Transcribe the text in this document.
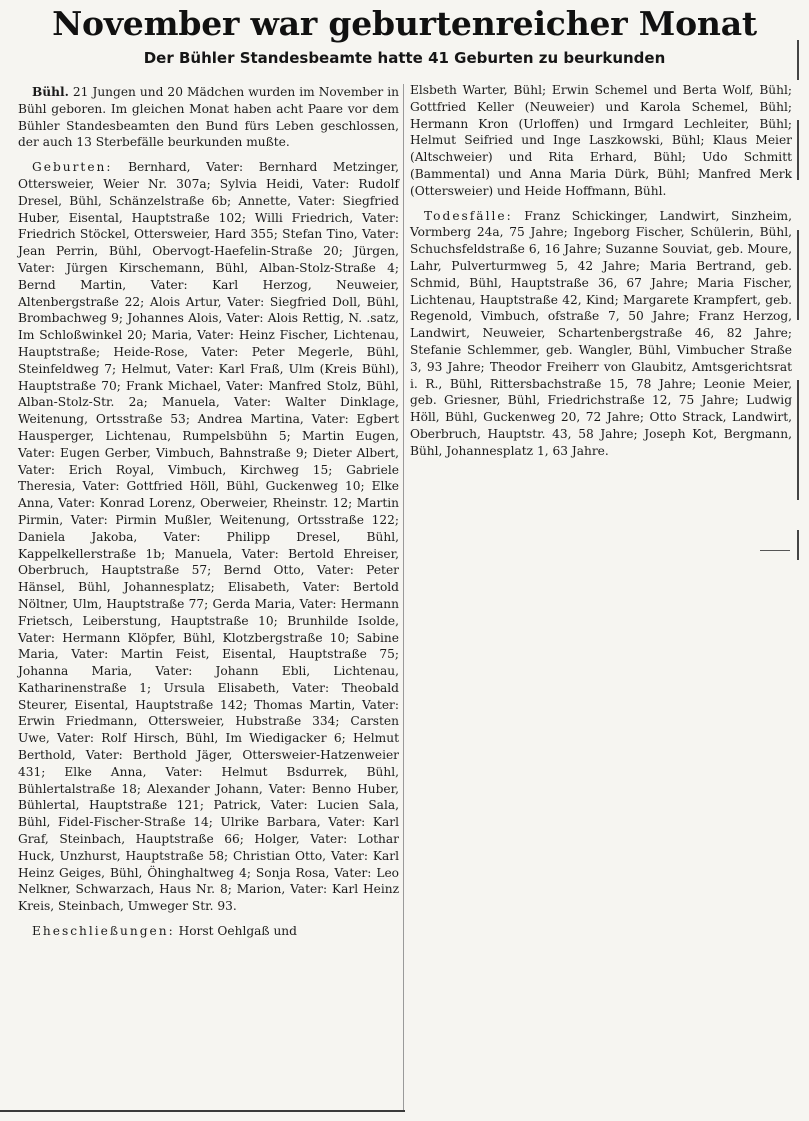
November war geburtenreicher Monat
Der Bühler Standesbeamte hatte 41 Geburten zu beurkunden

Bühl. 21 Jungen und 20 Mädchen wurden im November in Bühl geboren. Im gleichen Monat haben acht Paare vor dem Bühler Standesbeamten den Bund fürs Leben geschlossen, der auch 13 Sterbefälle beurkunden mußte.

Geburten: Bernhard, Vater: Bernhard Metzinger, Ottersweier, Weier Nr. 307a; Sylvia Heidi, Vater: Rudolf Dresel, Bühl, Schänzelstraße 6b; Annette, Vater: Siegfried Huber, Eisental, Hauptstraße 102; Willi Friedrich, Vater: Friedrich Stöckel, Ottersweier, Hard 355; Stefan Tino, Vater: Jean Perrin, Bühl, Obervogt-Haefelin-Straße 20; Jürgen, Vater: Jürgen Kirschemann, Bühl, Alban-Stolz-Straße 4; Bernd Martin, Vater: Karl Herzog, Neuweier, Altenbergstraße 22; Alois Artur, Vater: Siegfried Doll, Bühl, Brombachweg 9; Johannes Alois, Vater: Alois Rettig, N. .satz, Im Schloßwinkel 20; Maria, Vater: Heinz Fischer, Lichtenau, Hauptstraße; Heide-Rose, Vater: Peter Megerle, Bühl, Steinfeldweg 7; Helmut, Vater: Karl Fraß, Ulm (Kreis Bühl), Hauptstraße 70; Frank Michael, Vater: Manfred Stolz, Bühl, Alban-Stolz-Str. 2a; Manuela, Vater: Walter Dinklage, Weitenung, Ortsstraße 53; Andrea Martina, Vater: Egbert Hausperger, Lichtenau, Rumpelsbühn 5; Martin Eugen, Vater: Eugen Gerber, Vimbuch, Bahnstraße 9; Dieter Albert, Vater: Erich Royal, Vimbuch, Kirchweg 15; Gabriele Theresia, Vater: Gottfried Höll, Bühl, Guckenweg 10; Elke Anna, Vater: Konrad Lorenz, Oberweier, Rheinstr. 12; Martin Pirmin, Vater: Pirmin Mußler, Weitenung, Ortsstraße 122; Daniela Jakoba, Vater: Philipp Dresel, Bühl, Kappelkellerstraße 1b; Manuela, Vater: Bertold Ehreiser, Oberbruch, Hauptstraße 57; Bernd Otto, Vater: Peter Hänsel, Bühl, Johannesplatz; Elisabeth, Vater: Bertold Nöltner, Ulm, Hauptstraße 77; Gerda Maria, Vater: Hermann Frietsch, Leiberstung, Hauptstraße 10; Brunhilde Isolde, Vater: Hermann Klöpfer, Bühl, Klotzbergstraße 10; Sabine Maria, Vater: Martin Feist, Eisental, Hauptstraße 75; Johanna Maria, Vater: Johann Ebli, Lichtenau, Katharinenstraße 1; Ursula Elisabeth, Vater: Theobald Steurer, Eisental, Hauptstraße 142; Thomas Martin, Vater: Erwin Friedmann, Ottersweier, Hubstraße 334; Carsten Uwe, Vater: Rolf Hirsch, Bühl, Im Wiedigacker 6; Helmut Berthold, Vater: Berthold Jäger, Ottersweier-Hatzenweier 431; Elke Anna, Vater: Helmut Bsdurrek, Bühl, Bühlertalstraße 18; Alexander Johann, Vater: Benno Huber, Bühlertal, Hauptstraße 121; Patrick, Vater: Lucien Sala, Bühl, Fidel-Fischer-Straße 14; Ulrike Barbara, Vater: Karl Graf, Steinbach, Hauptstraße 66; Holger, Vater: Lothar Huck, Unzhurst, Hauptstraße 58; Christian Otto, Vater: Karl Heinz Geiges, Bühl, Öhinghaltweg 4; Sonja Rosa, Vater: Leo Nelkner, Schwarzach, Haus Nr. 8; Marion, Vater: Karl Heinz Kreis, Steinbach, Umweger Str. 93.

Eheschließungen: Horst Oehlgaß und

Elsbeth Warter, Bühl; Erwin Schemel und Berta Wolf, Bühl; Gottfried Keller (Neuweier) und Karola Schemel, Bühl; Hermann Kron (Urloffen) und Irmgard Lechleiter, Bühl; Helmut Seifried und Inge Laszkowski, Bühl; Klaus Meier (Altschweier) und Rita Erhard, Bühl; Udo Schmitt (Bammental) und Anna Maria Dürk, Bühl; Manfred Merk (Ottersweier) und Heide Hoffmann, Bühl.

Todesfälle: Franz Schickinger, Landwirt, Sinzheim, Vormberg 24a, 75 Jahre; Ingeborg Fischer, Schülerin, Bühl, Schuchsfeldstraße 6, 16 Jahre; Suzanne Souviat, geb. Moure, Lahr, Pulverturmweg 5, 42 Jahre; Maria Bertrand, geb. Schmid, Bühl, Hauptstraße 36, 67 Jahre; Maria Fischer, Lichtenau, Hauptstraße 42, Kind; Margarete Krampfert, geb. Regenold, Vimbuch, ofstraße 7, 50 Jahre; Franz Herzog, Landwirt, Neuweier, Schartenbergstraße 46, 82 Jahre; Stefanie Schlemmer, geb. Wangler, Bühl, Vimbucher Straße 3, 93 Jahre; Theodor Freiherr von Glaubitz, Amtsgerichtsrat i. R., Bühl, Rittersbachstraße 15, 78 Jahre; Leonie Meier, geb. Griesner, Bühl, Friedrichstraße 12, 75 Jahre; Ludwig Höll, Bühl, Guckenweg 20, 72 Jahre; Otto Strack, Landwirt, Oberbruch, Hauptstr. 43, 58 Jahre; Joseph Kot, Bergmann, Bühl, Johannesplatz 1, 63 Jahre.
